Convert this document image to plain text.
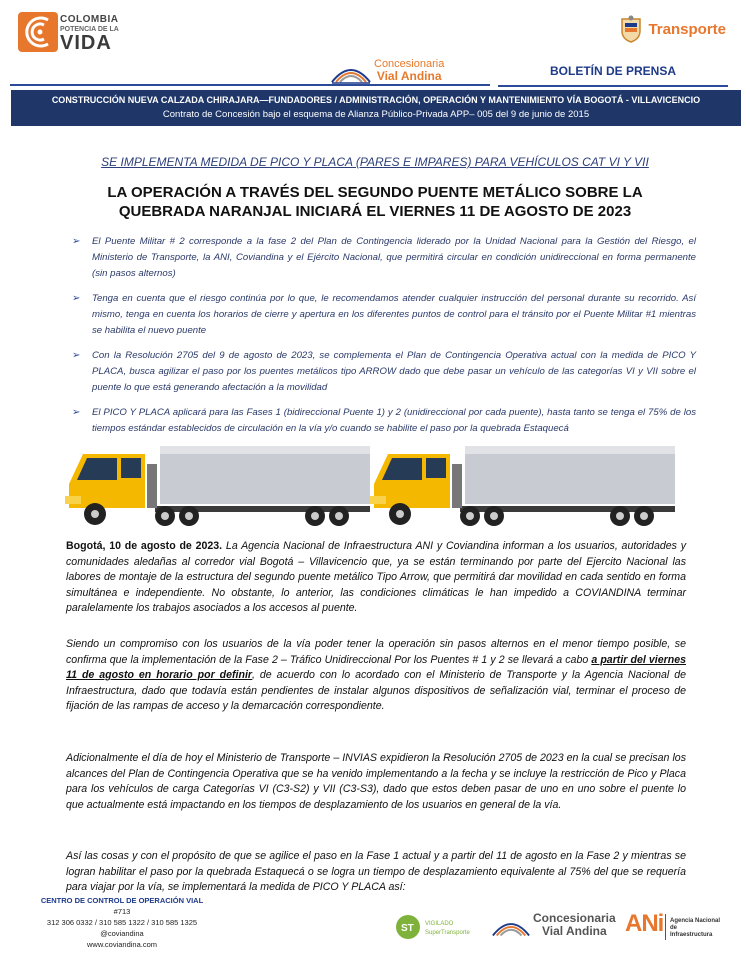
COLOMBIA
POTENCIA DE LA
VIDA
Transporte
Concesionaria
Vial Andina	BOLETÍN DE PRENSA
CONSTRUCCIÓN NUEVA CALZADA CHIRAJARA—FUNDADORES / ADMINISTRACIÓN, OPERACIÓN Y MANTENIMIENTO VÍA BOGOTÁ - VILLAVICENCIO
Contrato de Concesión bajo el esquema de Alianza Público-Privada APP– 005 del 9 de junio de 2015
SE IMPLEMENTA MEDIDA DE PICO Y PLACA (PARES E IMPARES) PARA VEHÍCULOS CAT VI Y VII
LA OPERACIÓN A TRAVÉS DEL SEGUNDO PUENTE METÁLICO SOBRE LA QUEBRADA NARANJAL INICIARÁ EL VIERNES 11 DE AGOSTO DE 2023
➢ El Puente Militar # 2 corresponde a la fase 2 del Plan de Contingencia liderado por la Unidad Nacional para la Gestión del Riesgo, el Ministerio de Transporte, la ANI, Coviandina y el Ejército Nacional, que permitirá circular en condición unidireccional en forma permanente (sin pasos alternos)
➢ Tenga en cuenta que el riesgo continúa por lo que, le recomendamos atender cualquier instrucción del personal durante su recorrido. Así mismo, tenga en cuenta los horarios de cierre y apertura en los diferentes puntos de control para el tránsito por el Puente Militar #1 mientras se habilita el nuevo puente
➢ Con la Resolución 2705 del 9 de agosto de 2023, se complementa el Plan de Contingencia Operativa actual con la medida de PICO Y PLACA, busca agilizar el paso por los puentes metálicos tipo ARROW dado que debe pasar un vehículo de las categorías VI y VII sobre el puente lo que está generando afectación a la movilidad
➢ El PICO Y PLACA aplicará para las Fases 1 (bidireccional Puente 1) y 2 (unidireccional por cada puente), hasta tanto se tenga el 75% de los tiempos estándar establecidos de circulación en la vía y/o cuando se habilite el paso por la quebrada Estaquecá
Bogotá, 10 de agosto de 2023. La Agencia Nacional de Infraestructura ANI y Coviandina informan a los usuarios, autoridades y comunidades aledañas al corredor vial Bogotá – Villavicencio que, ya se están terminando por parte del Ejercito Nacional las labores de montaje de la estructura del segundo puente metálico Tipo Arrow, que permitirá dar movilidad en cada sentido en forma simultánea e independiente. No obstante, lo anterior, las condiciones climáticas le han impedido a COVIANDINA terminar paralelamente los trabajos asociados a los accesos al puente.
Siendo un compromiso con los usuarios de la vía poder tener la operación sin pasos alternos en el menor tiempo posible, se confirma que la implementación de la Fase 2 – Tráfico Unidireccional Por los Puentes # 1 y 2 se llevará a cabo a partir del viernes 11 de agosto en horario por definir, de acuerdo con lo acordado con el Ministerio de Transporte y la Agencia Nacional de Infraestructura, dado que todavía están pendientes de instalar algunos dispositivos de señalización vial, terminar el proceso de fijación de las rampas de acceso y la demarcación correspondiente.
Adicionalmente el día de hoy el Ministerio de Transporte – INVIAS expidieron la Resolución 2705 de 2023 en la cual se precisan los alcances del Plan de Contingencia Operativa que se ha venido implementando a la fecha y se incluye la restricción de Pico y Placa para los vehículos de carga Categorías VI (C3-S2) y VII (C3-S3), dado que estos deben pasar de uno en uno sobre el puente lo que actualmente está impactando en los tiempos de desplazamiento de los usuarios en general de la vía.
Así las cosas y con el propósito de que se agilice el paso en la Fase 1 actual y a partir del 11 de agosto en la Fase 2 y mientras se logran habilitar el paso por la quebrada Estaquecá o se logra un tiempo de desplazamiento equivalente al 75% del que se requería para viajar por la vía, se implementará la medida de PICO Y PLACA así:
CENTRO DE CONTROL DE OPERACIÓN VIAL
#713
312 306 0332 / 310 585 1322 / 310 585 1325
@coviandina
www.coviandina.com
ST VIGILADO
SuperTransporte
Concesionaria
Vial Andina ANi Agencia Nacional de
Infraestructura
